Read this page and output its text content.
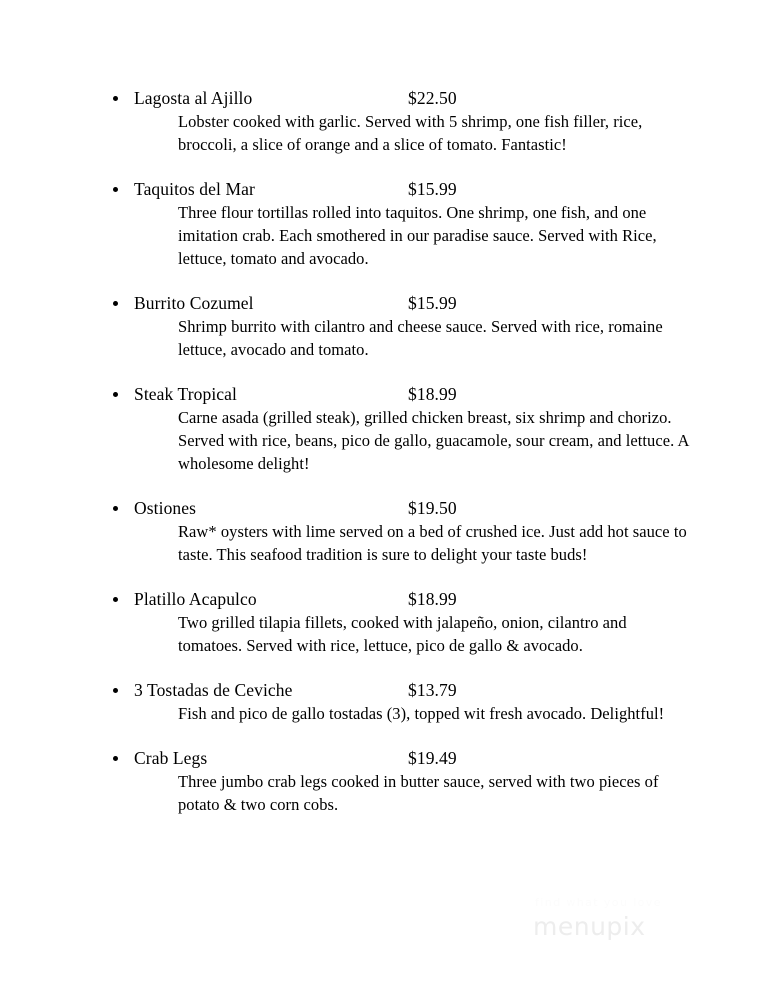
Lagosta al Ajillo	$22.50
Lobster cooked with garlic. Served with 5 shrimp, one fish filler, rice, broccoli, a slice of orange and a slice of tomato. Fantastic!
Taquitos del Mar	$15.99
Three flour tortillas rolled into taquitos. One shrimp, one fish, and one imitation crab. Each smothered in our paradise sauce. Served with Rice, lettuce, tomato and avocado.
Burrito Cozumel	$15.99
Shrimp burrito with cilantro and cheese sauce. Served with rice, romaine lettuce, avocado and tomato.
Steak Tropical	$18.99
Carne asada (grilled steak), grilled chicken breast, six shrimp and chorizo. Served with rice, beans, pico de gallo, guacamole, sour cream, and lettuce. A wholesome delight!
Ostiones	$19.50
Raw* oysters with lime served on a bed of crushed ice. Just add hot sauce to taste. This seafood tradition is sure to delight your taste buds!
Platillo Acapulco	$18.99
Two grilled tilapia fillets, cooked with jalapeño, onion, cilantro and tomatoes. Served with rice, lettuce, pico de gallo & avocado.
3 Tostadas de Ceviche	$13.79
Fish and pico de gallo tostadas (3), topped wit fresh avocado. Delightful!
Crab Legs	$19.49
Three jumbo crab legs cooked in butter sauce, served with two pieces of potato & two corn cobs.
find what you love
menupix
